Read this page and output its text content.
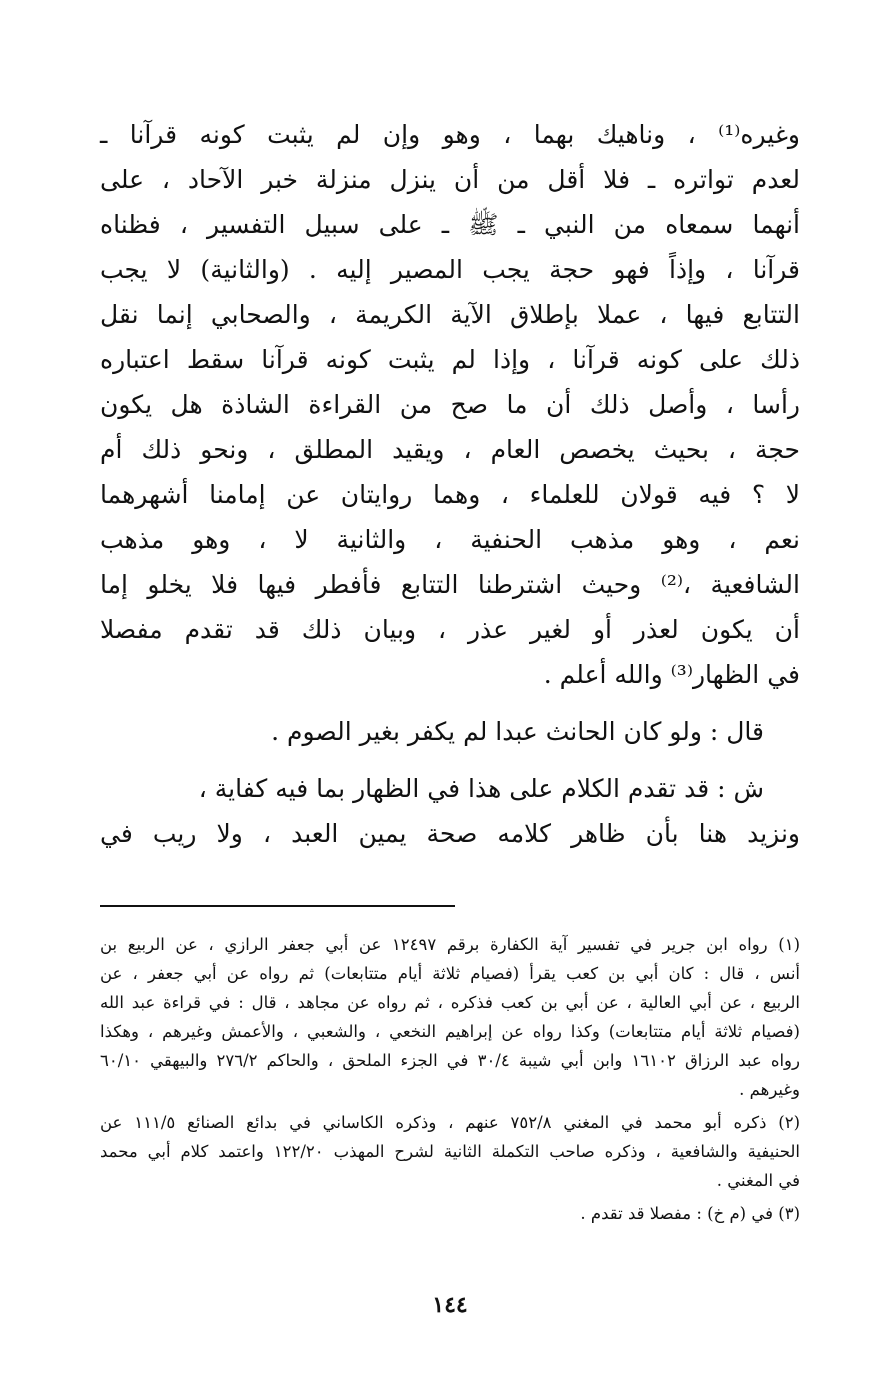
وغيره⁽¹⁾ ، وناهيك بهما ، وهو وإن لم يثبت كونه قرآنا ـ
لعدم تواتره ـ فلا أقل من أن ينزل منزلة خبر الآحاد ، على
أنهما سمعاه من النبي ـ ﷺ ـ على سبيل التفسير ، فظناه
قرآنا ، وإذاً فهو حجة يجب المصير إليه . (والثانية) لا يجب
التتابع فيها ، عملا بإطلاق الآية الكريمة ، والصحابي إنما نقل
ذلك على كونه قرآنا ، وإذا لم يثبت كونه قرآنا سقط اعتباره
رأسا ، وأصل ذلك أن ما صح من القراءة الشاذة هل يكون
حجة ، بحيث يخصص العام ، ويقيد المطلق ، ونحو ذلك أم
لا ؟ فيه قولان للعلماء ، وهما روايتان عن إمامنا أشهرهما
نعم ، وهو مذهب الحنفية ، والثانية لا ، وهو مذهب
الشافعية ،⁽²⁾ وحيث اشترطنا التتابع فأفطر فيها فلا يخلو إما
أن يكون لعذر أو لغير عذر ، وبيان ذلك قد تقدم مفصلا
في الظهار⁽³⁾ والله أعلم .
قال : ولو كان الحانث عبدا لم يكفر بغير الصوم .
ش : قد تقدم الكلام على هذا في الظهار بما فيه كفاية ،
ونزيد هنا بأن ظاهر كلامه صحة يمين العبد ، ولا ريب في
(١) رواه ابن جرير في تفسير آية الكفارة برقم ١٢٤٩٧ عن أبي جعفر الرازي ، عن الربيع بن
أنس ، قال : كان أبي بن كعب يقرأ (فصيام ثلاثة أيام متتابعات) ثم رواه عن أبي جعفر ، عن
الربيع ، عن أبي العالية ، عن أبي بن كعب فذكره ، ثم رواه عن مجاهد ، قال : في قراءة عبد الله
(فصيام ثلاثة أيام متتابعات) وكذا رواه عن إبراهيم النخعي ، والشعبي ، والأعمش وغيرهم ، وهكذا
رواه عبد الرزاق ١٦١٠٢ وابن أبي شيبة ٣٠/٤ في الجزء الملحق ، والحاكم ٢٧٦/٢ والبيهقي ٦٠/١٠
وغيرهم .
(٢) ذكره أبو محمد في المغني ٧٥٢/٨ عنهم ، وذكره الكاساني في بدائع الصنائع ١١١/٥ عن
الحنيفية والشافعية ، وذكره صاحب التكملة الثانية لشرح المهذب ١٢٢/٢٠ واعتمد كلام أبي محمد
في المغني .
(٣) في (م خ) : مفصلا قد تقدم .
١٤٤
